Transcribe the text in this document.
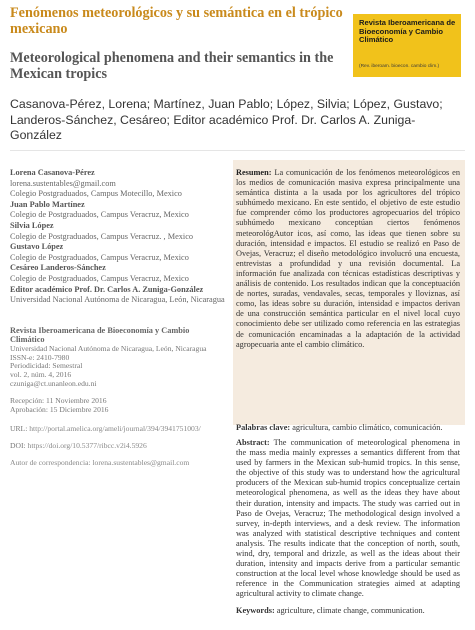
Fenómenos meteorológicos y su semántica en el trópico mexicano
Meteorological phenomena and their semantics in the Mexican tropics
Revista Iberoamericana de Bioeconomía y Cambio Climático
(Rev. iberoam. bioecon. cambio clim.)
Casanova-Pérez, Lorena; Martínez, Juan Pablo; López, Silvia; López, Gustavo; Landeros-Sánchez, Cesáreo; Editor académico Prof. Dr. Carlos A. Zuniga-González
Lorena Casanova-Pérez
lorena.sustentables@gmail.com
Colegio Postgraduados, Campus Motecillo, Mexico
Juan Pablo Martínez
Colegio de Postgraduados, Campus Veracruz, Mexico
Silvia López
Colegio de Postgraduados, Campus Veracruz. , Mexico
Gustavo López
Colegio de Postgraduados, Campus Veracruz, Mexico
Cesáreo Landeros-Sánchez
Colegio de Postgraduados, Campus Veracruz, Mexico
Editor académico Prof. Dr. Carlos A. Zuniga-González
Universidad Nacional Autónoma de Nicaragua, León, Nicaragua
Revista Iberoamericana de Bioeconomía y Cambio Climático
Universidad Nacional Autónoma de Nicaragua, León, Nicaragua
ISSN-e: 2410-7980
Periodicidad: Semestral
vol. 2, núm. 4, 2016
czuniga@ct.unanleon.edu.ni
Recepción: 11 Noviembre 2016
Aprobación: 15 Diciembre 2016
URL: http://portal.amelica.org/ameli/journal/394/3941751003/
DOI: https://doi.org/10.5377/ribcc.v2i4.5926
Autor de correspondencia: lorena.sustentables@gmail.com

Resumen: La comunicación de los fenómenos meteorológicos en los medios de comunicación masiva expresa principalmente una semántica distinta a la usada por los agricultores del trópico subhúmedo mexicano. En este sentido, el objetivo de este estudio fue comprender cómo los productores agropecuarios del trópico subhúmedo mexicano conceptúan ciertos fenómenos meteorológAutor icos, así como, las ideas que tienen sobre su duración, intensidad e impactos. El estudio se realizó en Paso de Ovejas, Veracruz; el diseño metodológico involucró una encuesta, entrevistas a profundidad y una revisión documental. La información fue analizada con técnicas estadísticas descriptivas y análisis de contenido. Los resultados indican que la conceptuación de nortes, suradas, vendavales, secas, temporales y lloviznas, así como, las ideas sobre su duración, intensidad e impactos derivan de una construcción semántica particular en el nivel local cuyo conocimiento debe ser utilizado como referencia en las estrategias de comunicación encaminadas a la adaptación de la actividad agropecuaria ante el cambio climático.

Palabras clave: agricultura, cambio climático, comunicación.

Abstract: The communication of meteorological phenomena in the mass media mainly expresses a semantics different from that used by farmers in the Mexican sub-humid tropics. In this sense, the objective of this study was to understand how the agricultural producers of the Mexican sub-humid tropics conceptualize certain meteorological phenomena, as well as the ideas they have about their duration, intensity and impacts. The study was carried out in Paso de Ovejas, Veracruz; The methodological design involved a survey, in-depth interviews, and a desk review. The information was analyzed with statistical descriptive techniques and content analysis. The results indicate that the conception of north, south, wind, dry, temporal and drizzle, as well as the ideas about their duration, intensity and impacts derive from a particular semantic construction at the local level whose knowledge should be used as reference in the Communication strategies aimed at adapting agricultural activity to climate change.

Keywords: agriculture, climate change, communication.
